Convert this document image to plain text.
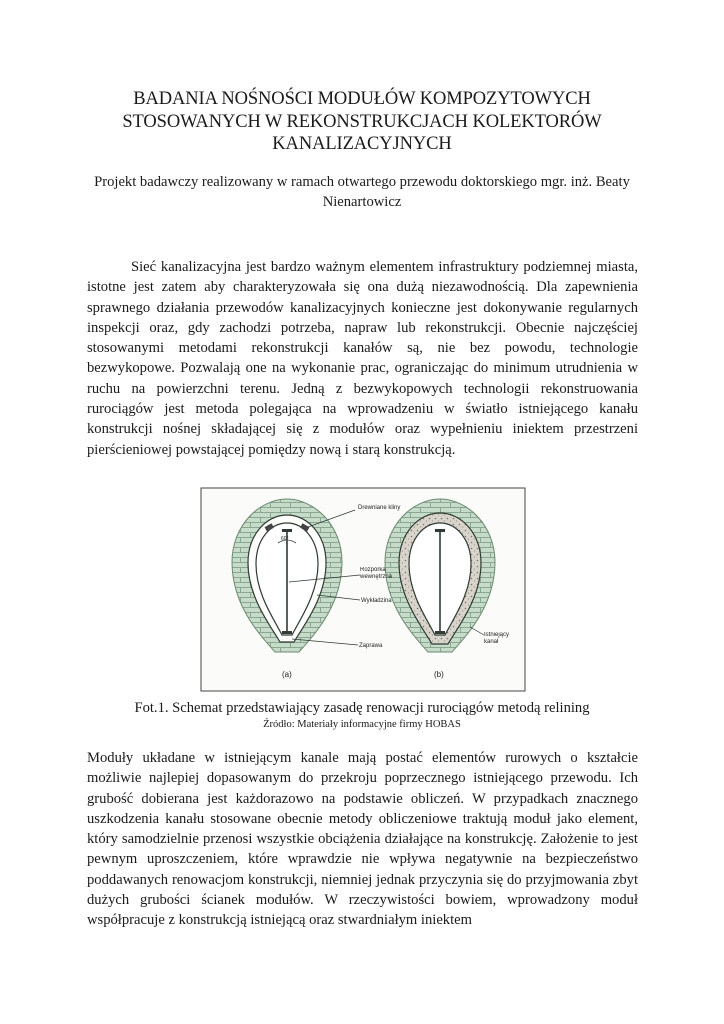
BADANIA NOŚNOŚCI MODUŁÓW KOMPOZYTOWYCH STOSOWANYCH W REKONSTRUKCJACH KOLEKTORÓW KANALIZACYJNYCH
Projekt badawczy realizowany w ramach otwartego przewodu doktorskiego mgr. inż. Beaty Nienartowicz

Sieć kanalizacyjna jest bardzo ważnym elementem infrastruktury podziemnej miasta, istotne jest zatem aby charakteryzowała się ona dużą niezawodnością. Dla zapewnienia sprawnego działania przewodów kanalizacyjnych konieczne jest dokonywanie regularnych inspekcji oraz, gdy zachodzi potrzeba, napraw lub rekonstrukcji. Obecnie najczęściej stosowanymi metodami rekonstrukcji kanałów są, nie bez powodu, technologie bezwykopowe. Pozwalają one na wykonanie prac, ograniczając do minimum utrudnienia w ruchu na powierzchni terenu. Jedną z bezwykopowych technologii rekonstruowania rurociągów jest metoda polegająca na wprowadzeniu w światło istniejącego kanału konstrukcji nośnej składającej się z modułów oraz wypełnieniu iniektem przestrzeni pierścieniowej powstającej pomiędzy nową i starą konstrukcją.

Drewniane kliny
60°
Rozpórka wewnętrzna
Wykładzina
Zaprawa
Istniejący kanał
(a)	(b)
Fot.1. Schemat przedstawiający zasadę renowacji rurociągów metodą relining
Źródło: Materiały informacyjne firmy HOBAS

Moduły układane w istniejącym kanale mają postać elementów rurowych o kształcie możliwie najlepiej dopasowanym do przekroju poprzecznego istniejącego przewodu. Ich grubość dobierana jest każdorazowo na podstawie obliczeń. W przypadkach znacznego uszkodzenia kanału stosowane obecnie metody obliczeniowe traktują moduł jako element, który samodzielnie przenosi wszystkie obciążenia działające na konstrukcję. Założenie to jest pewnym uproszczeniem, które wprawdzie nie wpływa negatywnie na bezpieczeństwo poddawanych renowacjom konstrukcji, niemniej jednak przyczynia się do przyjmowania zbyt dużych grubości ścianek modułów. W rzeczywistości bowiem, wprowadzony moduł współpracuje z konstrukcją istniejącą oraz stwardniałym iniektem
